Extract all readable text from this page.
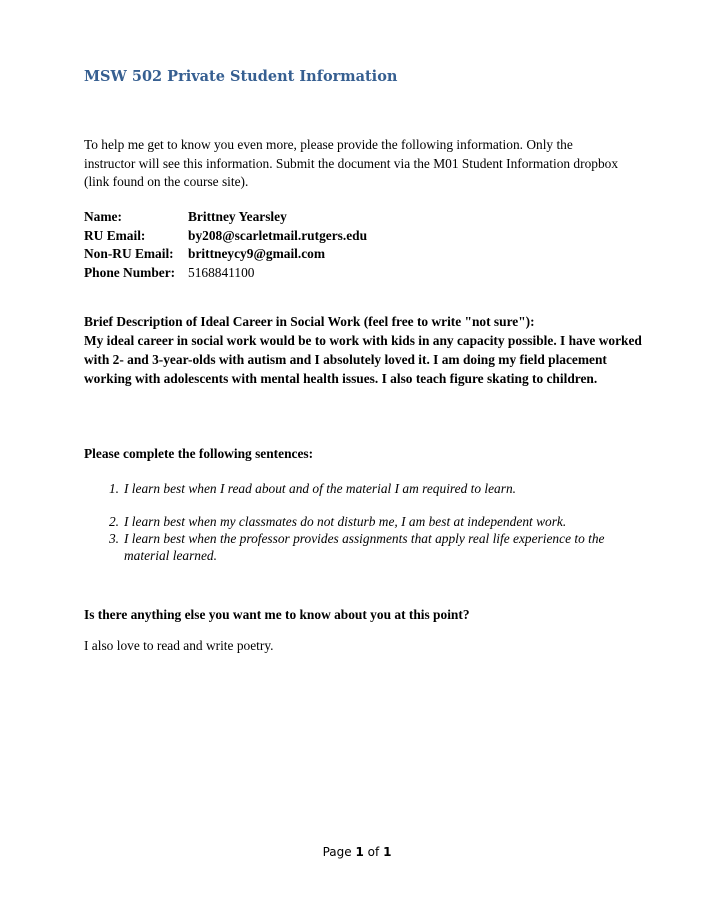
MSW 502 Private Student Information

To help me get to know you even more, please provide the following information. Only the instructor will see this information. Submit the document via the M01 Student Information dropbox (link found on the course site).

Name:	Brittney Yearsley
RU Email:	by208@scarletmail.rutgers.edu
Non-RU Email:	brittneycy9@gmail.com
Phone Number: 5168841100

Brief Description of Ideal Career in Social Work (feel free to write "not sure"):

My ideal career in social work would be to work with kids in any capacity possible. I have worked with 2- and 3-year-olds with autism and I absolutely loved it. I am doing my field placement working with adolescents with mental health issues. I also teach figure skating to children.

Please complete the following sentences:

1. I learn best when I read about and of the material I am required to learn.
2. I learn best when my classmates do not disturb me, I am best at independent work.
3. I learn best when the professor provides assignments that apply real life experience to the material learned.

Is there anything else you want me to know about you at this point?

I also love to read and write poetry.

Page 1 of 1
